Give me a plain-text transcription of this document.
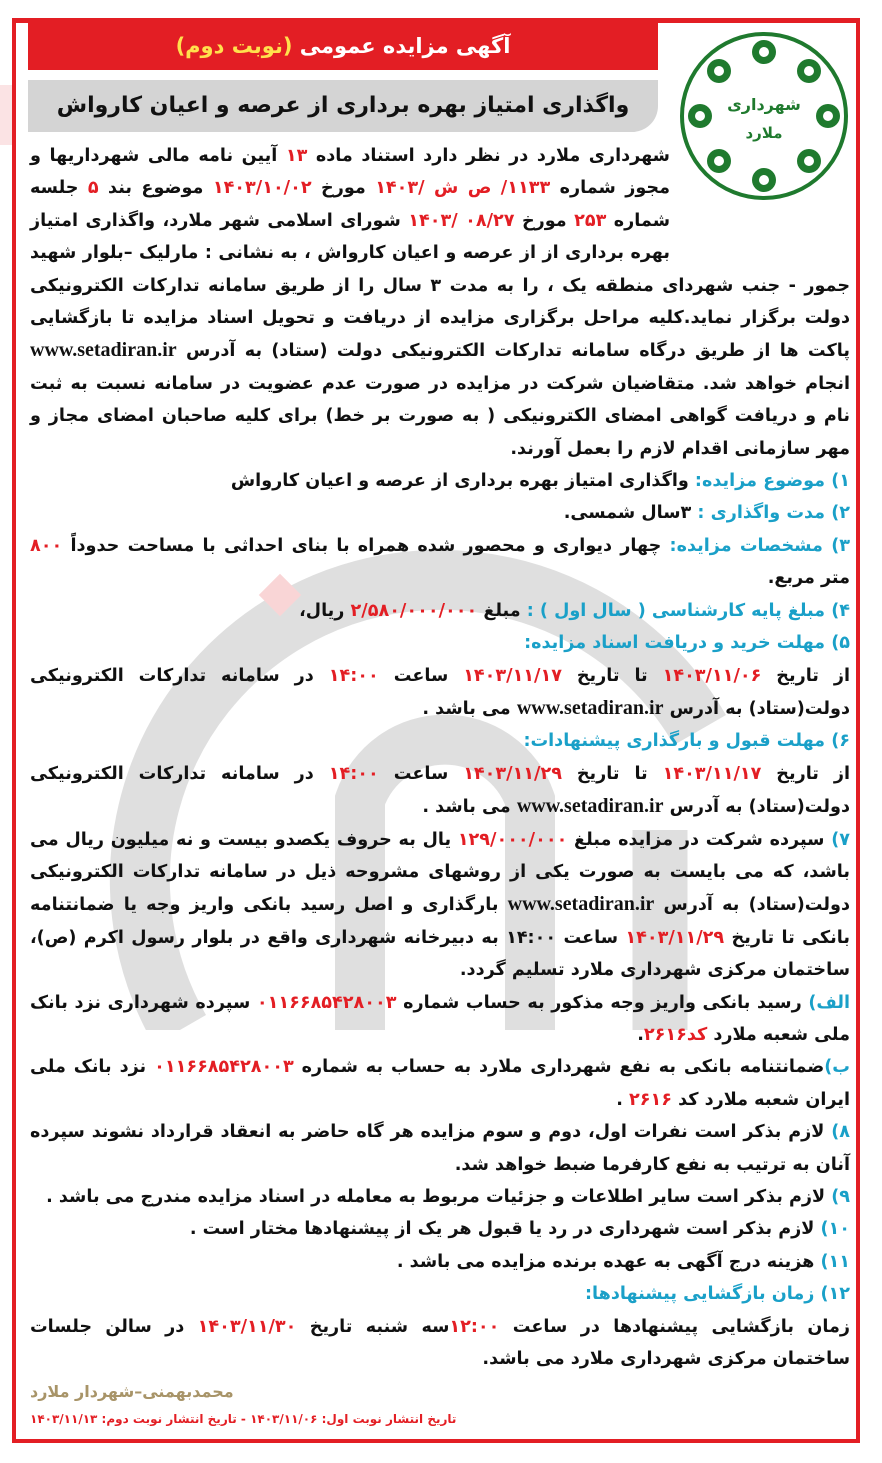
آگهی مزایده عمومی (نوبت دوم)
واگذاری امتیاز بهره برداری از عرصه و اعیان کارواش	شهرداری
ملارد

شهرداری ملارد در نظر دارد استناد ماده ۱۳ آیین نامه مالی شهرداریها و مجوز شماره ۱۱۳۳/ ص ش /۱۴۰۳ مورخ ۱۴۰۳/۱۰/۰۲ موضوع بند ۵ جلسه شماره ۲۵۳ مورخ ۱۴۰۳/ ۰۸/۲۷ شورای اسلامی شهر ملارد، واگذاری امتیاز بهره برداری از از عرصه و اعیان کارواش ، به نشانی : مارلیک –بلوار شهید جمور - جنب شهردای منطقه یک ، را به مدت ۳ سال را از طریق سامانه تدارکات الکترونیکی دولت برگزار نماید.کلیه مراحل برگزاری مزایده از دریافت و تحویل اسناد مزایده تا بازگشایی پاکت ها از طریق درگاه سامانه تدارکات الکترونیکی دولت (ستاد) به آدرس www.setadiran.ir انجام خواهد شد. متقاضیان شرکت در مزایده در صورت عدم عضویت در سامانه نسبت به ثبت نام و دریافت گواهی امضای الکترونیکی ( به صورت بر خط) برای کلیه صاحبان امضای مجاز و مهر سازمانی اقدام لازم را بعمل آورند.

۱) موضوع مزایده: واگذاری امتیاز بهره برداری از عرصه و اعیان کارواش

۲) مدت واگذاری : ۳سال شمسی.

۳) مشخصات مزایده: چهار دیواری و محصور شده همراه با بنای احداثی با مساحت حدوداً ۸۰۰ متر مربع.

۴) مبلغ پایه کارشناسی ( سال اول ) : مبلغ ۲/۵۸۰/۰۰۰/۰۰۰ ریال،

۵) مهلت خرید و دریافت اسناد مزایده:

از تاریخ ۱۴۰۳/۱۱/۰۶ تا تاریخ ۱۴۰۳/۱۱/۱۷ ساعت ۱۴:۰۰ در سامانه تدارکات الکترونیکی دولت(ستاد) به آدرس www.setadiran.ir می باشد .

۶) مهلت قبول و بارگذاری پیشنهادات:

از تاریخ ۱۴۰۳/۱۱/۱۷ تا تاریخ ۱۴۰۳/۱۱/۲۹ ساعت ۱۴:۰۰ در سامانه تدارکات الکترونیکی دولت(ستاد) به آدرس www.setadiran.ir می باشد .

۷) سپرده شرکت در مزایده مبلغ ۱۲۹/۰۰۰/۰۰۰ یال به حروف یکصدو بیست و نه میلیون ریال می باشد، که می بایست به صورت یکی از روشهای مشروحه ذیل در سامانه تدارکات الکترونیکی دولت(ستاد) به آدرس www.setadiran.ir بارگذاری و اصل رسید بانکی واریز وجه یا ضمانتنامه بانکی تا تاریخ ۱۴۰۳/۱۱/۲۹ ساعت ۱۴:۰۰ به دبیرخانه شهرداری واقع در بلوار رسول اکرم (ص)، ساختمان مرکزی شهرداری ملارد تسلیم گردد.

الف) رسید بانکی واریز وجه مذکور به حساب شماره ۰۱۱۶۶۸۵۴۲۸۰۰۳ سپرده شهرداری نزد بانک ملی شعبه ملارد کد۲۶۱۶.

ب)ضمانتنامه بانکی به نفع شهرداری ملارد به حساب به شماره ۰۱۱۶۶۸۵۴۲۸۰۰۳ نزد بانک ملی ایران شعبه ملارد کد ۲۶۱۶ .

۸) لازم بذکر است نفرات اول، دوم و سوم مزایده هر گاه حاضر به انعقاد قرارداد نشوند سپرده آنان به ترتیب به نفع کارفرما ضبط خواهد شد.

۹) لازم بذکر است سایر اطلاعات و جزئیات مربوط به معامله در اسناد مزایده مندرج می باشد .

۱۰) لازم بذکر است شهرداری در رد یا قبول هر یک از پیشنهادها مختار است .

۱۱) هزینه درج آگهی به عهده برنده مزایده می باشد .

۱۲) زمان بازگشایی پیشنهادها:

زمان بازگشایی پیشنهادها در ساعت ۱۲:۰۰سه شنبه تاریخ ۱۴۰۳/۱۱/۳۰ در سالن جلسات ساختمان مرکزی شهرداری ملارد می باشد.

محمدبهمنی–شهردار ملارد
تاریخ انتشار نوبت اول: ۱۴۰۳/۱۱/۰۶ - تاریخ انتشار نوبت دوم: ۱۴۰۳/۱۱/۱۳
